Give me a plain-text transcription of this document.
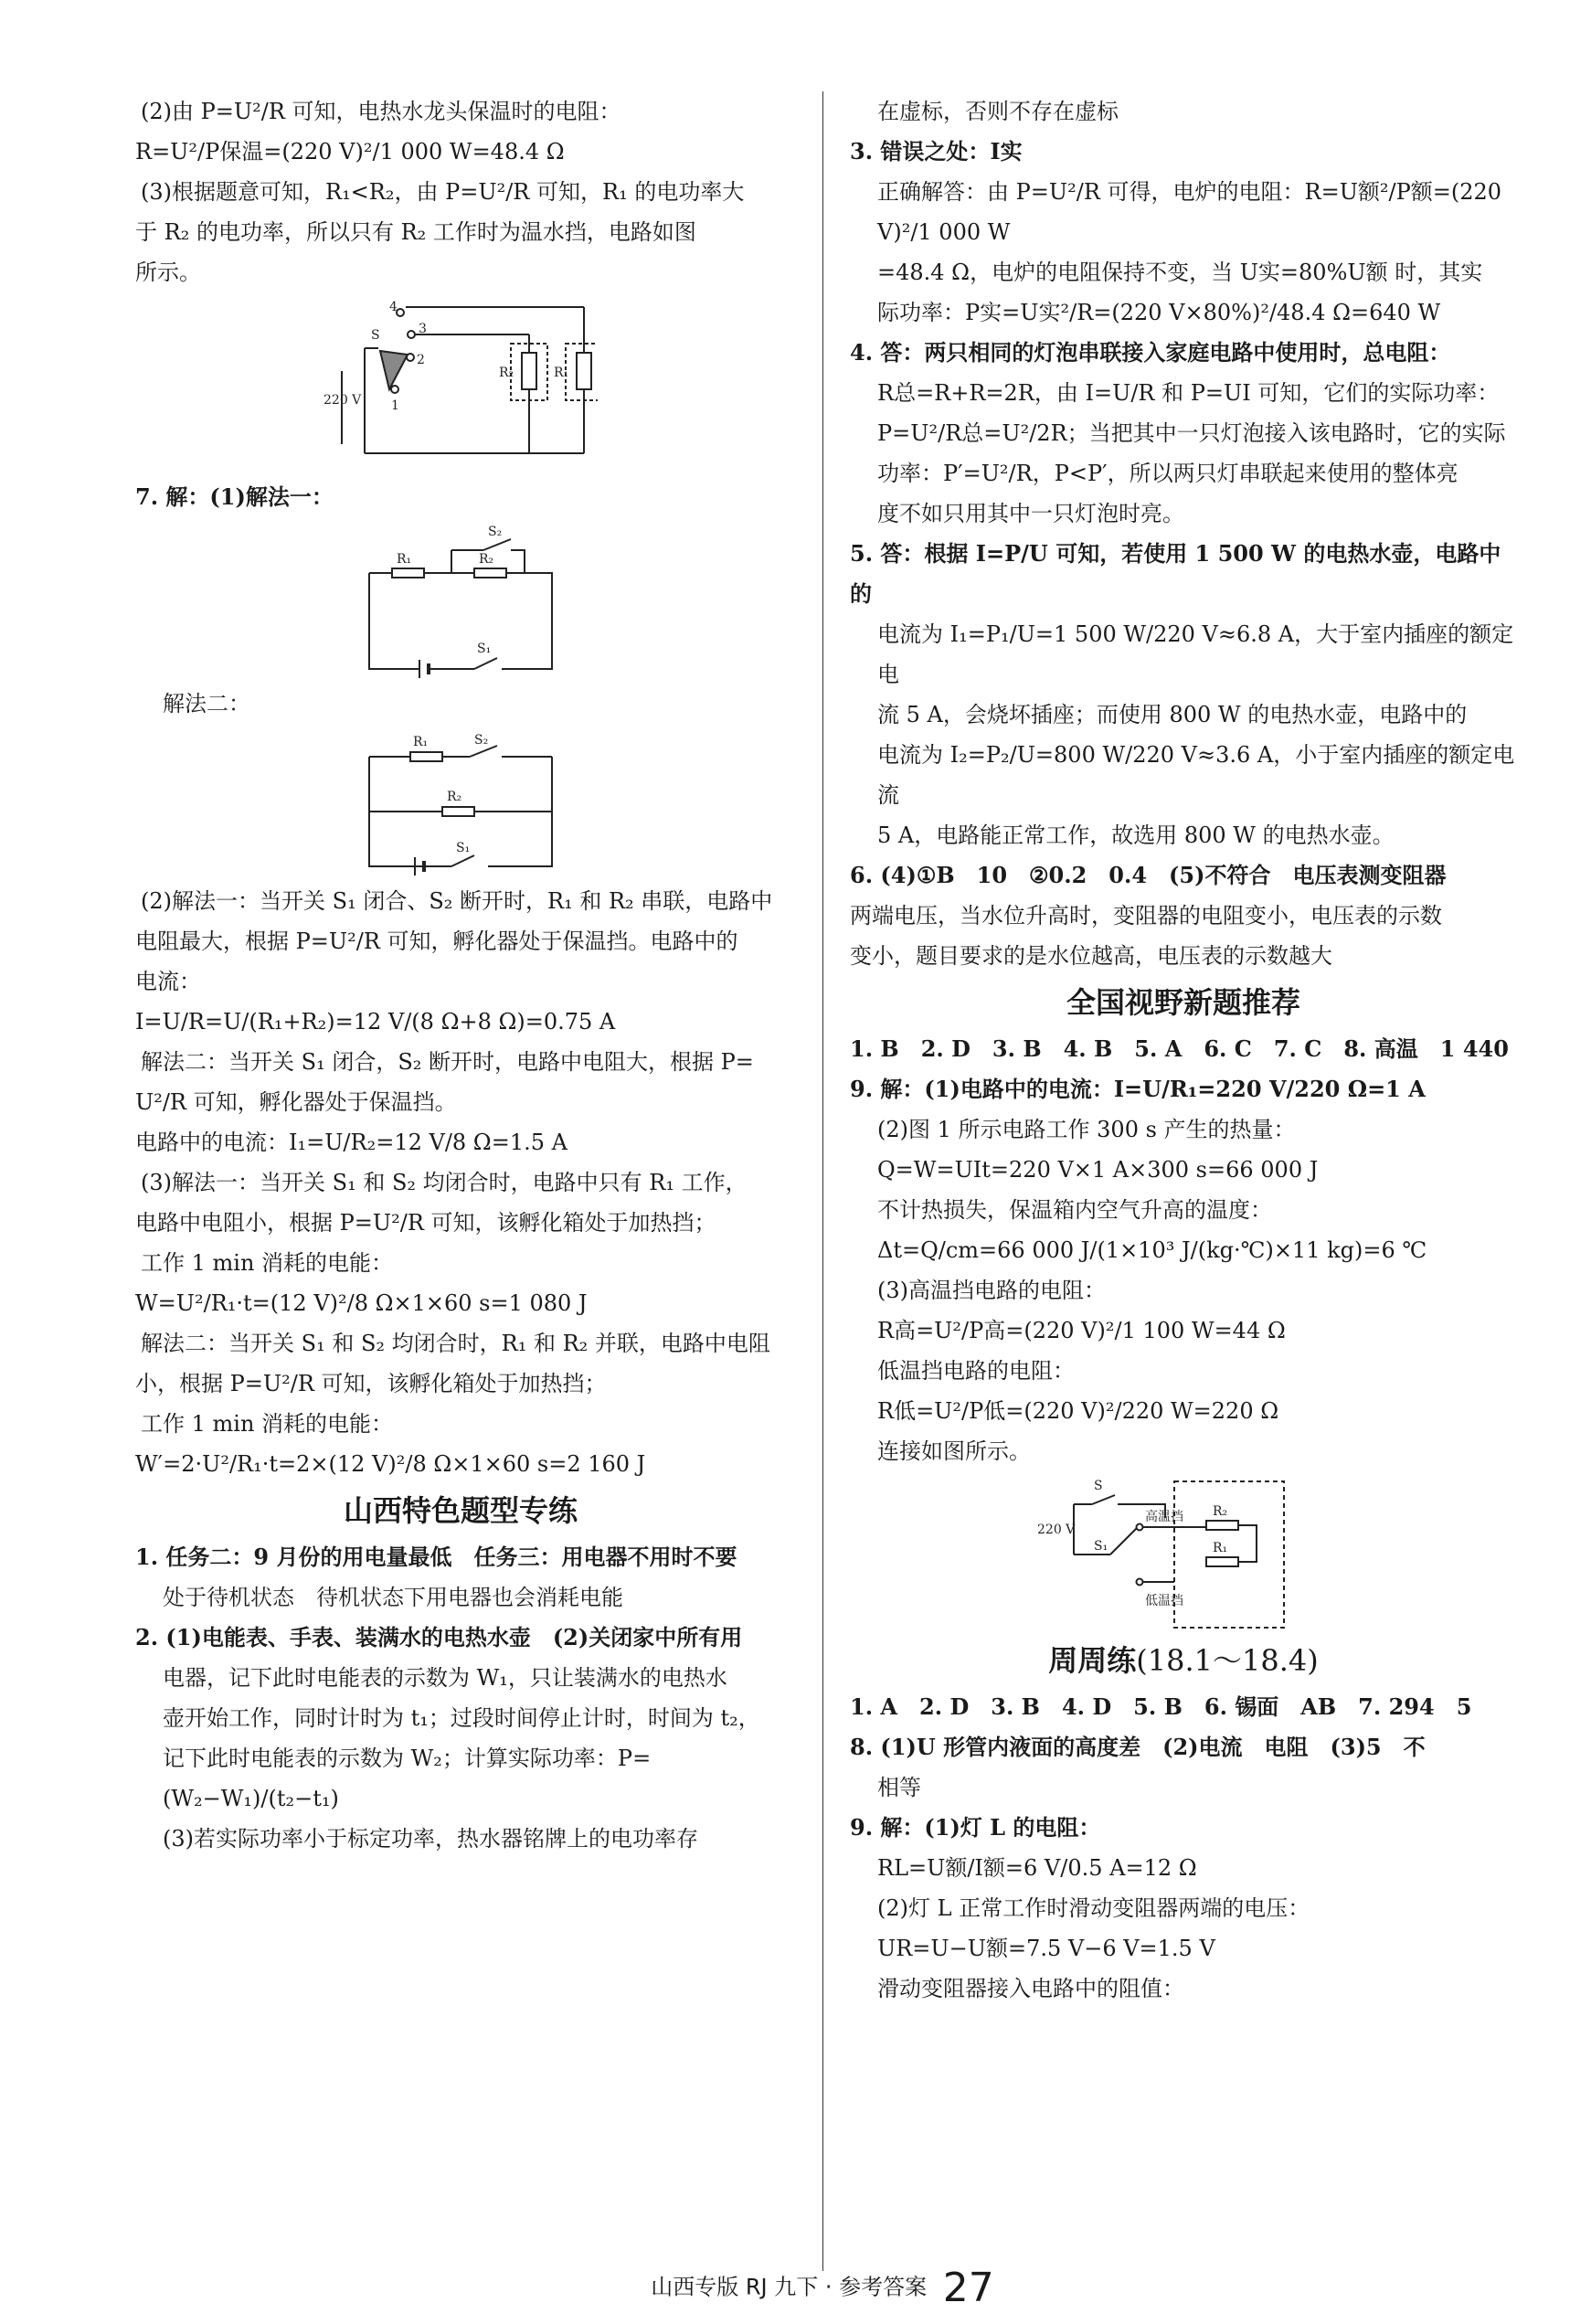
(2)由 P=U²/R 可知，电热水龙头保温时的电阻：

R=U²/P保温=(220 V)²/1 000 W=48.4 Ω

(3)根据题意可知，R₁<R₂，由 P=U²/R 可知，R₁ 的电功率大

于 R₂ 的电功率，所以只有 R₂ 工作时为温水挡，电路如图

所示。

S
4
3
2
1
220 V
R₂	R₁

7. 解：(1)解法一：

S₂
R₁	R₂
S₁

解法二：

R₁	S₂
R₂
S₁

(2)解法一：当开关 S₁ 闭合、S₂ 断开时，R₁ 和 R₂ 串联，电路中

电阻最大，根据 P=U²/R 可知，孵化器处于保温挡。电路中的

电流：

I=U/R=U/(R₁+R₂)=12 V/(8 Ω+8 Ω)=0.75 A

解法二：当开关 S₁ 闭合，S₂ 断开时，电路中电阻大，根据 P=

U²/R 可知，孵化器处于保温挡。

电路中的电流：I₁=U/R₂=12 V/8 Ω=1.5 A

(3)解法一：当开关 S₁ 和 S₂ 均闭合时，电路中只有 R₁ 工作，

电路中电阻小，根据 P=U²/R 可知，该孵化箱处于加热挡；

工作 1 min 消耗的电能：

W=U²/R₁·t=(12 V)²/8 Ω×1×60 s=1 080 J

解法二：当开关 S₁ 和 S₂ 均闭合时，R₁ 和 R₂ 并联，电路中电阻

小，根据 P=U²/R 可知，该孵化箱处于加热挡；

工作 1 min 消耗的电能：

W′=2·U²/R₁·t=2×(12 V)²/8 Ω×1×60 s=2 160 J

山西特色题型专练

1. 任务二：9 月份的用电量最低　任务三：用电器不用时不要

处于待机状态　待机状态下用电器也会消耗电能

2. (1)电能表、手表、装满水的电热水壶　(2)关闭家中所有用

电器，记下此时电能表的示数为 W₁，只让装满水的电热水

壶开始工作，同时计时为 t₁；过段时间停止计时，时间为 t₂，

记下此时电能表的示数为 W₂；计算实际功率：P=(W₂−W₁)/(t₂−t₁)

(3)若实际功率小于标定功率，热水器铭牌上的电功率存

在虚标，否则不存在虚标

3. 错误之处：I实

正确解答：由 P=U²/R 可得，电炉的电阻：R=U额²/P额=(220 V)²/1 000 W

=48.4 Ω，电炉的电阻保持不变，当 U实=80%U额 时，其实

际功率：P实=U实²/R=(220 V×80%)²/48.4 Ω=640 W

4. 答：两只相同的灯泡串联接入家庭电路中使用时，总电阻：

R总=R+R=2R，由 I=U/R 和 P=UI 可知，它们的实际功率：

P=U²/R总=U²/2R；当把其中一只灯泡接入该电路时，它的实际

功率：P′=U²/R，P<P′，所以两只灯串联起来使用的整体亮

度不如只用其中一只灯泡时亮。

5. 答：根据 I=P/U 可知，若使用 1 500 W 的电热水壶，电路中的

电流为 I₁=P₁/U=1 500 W/220 V≈6.8 A，大于室内插座的额定电

流 5 A，会烧坏插座；而使用 800 W 的电热水壶，电路中的

电流为 I₂=P₂/U=800 W/220 V≈3.6 A，小于室内插座的额定电流

5 A，电路能正常工作，故选用 800 W 的电热水壶。

6. (4)①B　10　②0.2　0.4　(5)不符合　电压表测变阻器

两端电压，当水位升高时，变阻器的电阻变小，电压表的示数

变小，题目要求的是水位越高，电压表的示数越大

全国视野新题推荐

1. B　2. D　3. B　4. B　5. A　6. C　7. C　8. 高温　1 440

9. 解：(1)电路中的电流：I=U/R₁=220 V/220 Ω=1 A

(2)图 1 所示电路工作 300 s 产生的热量：

Q=W=UIt=220 V×1 A×300 s=66 000 J

不计热损失，保温箱内空气升高的温度：

Δt=Q/cm=66 000 J/(1×10³ J/(kg·℃)×11 kg)=6 ℃

(3)高温挡电路的电阻：

R高=U²/P高=(220 V)²/1 100 W=44 Ω

低温挡电路的电阻：

R低=U²/P低=(220 V)²/220 W=220 Ω

连接如图所示。

S
220 V
S₁
高温挡
低温挡
R₂
R₁
周周练(18.1～18.4)

1. A　2. D　3. B　4. D　5. B　6. 锡面　AB　7. 294　5

8. (1)U 形管内液面的高度差　(2)电流　电阻　(3)5　不

相等

9. 解：(1)灯 L 的电阻：

RL=U额/I额=6 V/0.5 A=12 Ω

(2)灯 L 正常工作时滑动变阻器两端的电压：

UR=U−U额=7.5 V−6 V=1.5 V

滑动变阻器接入电路中的阻值：

山西专版 RJ 九下 · 参考答案 27
